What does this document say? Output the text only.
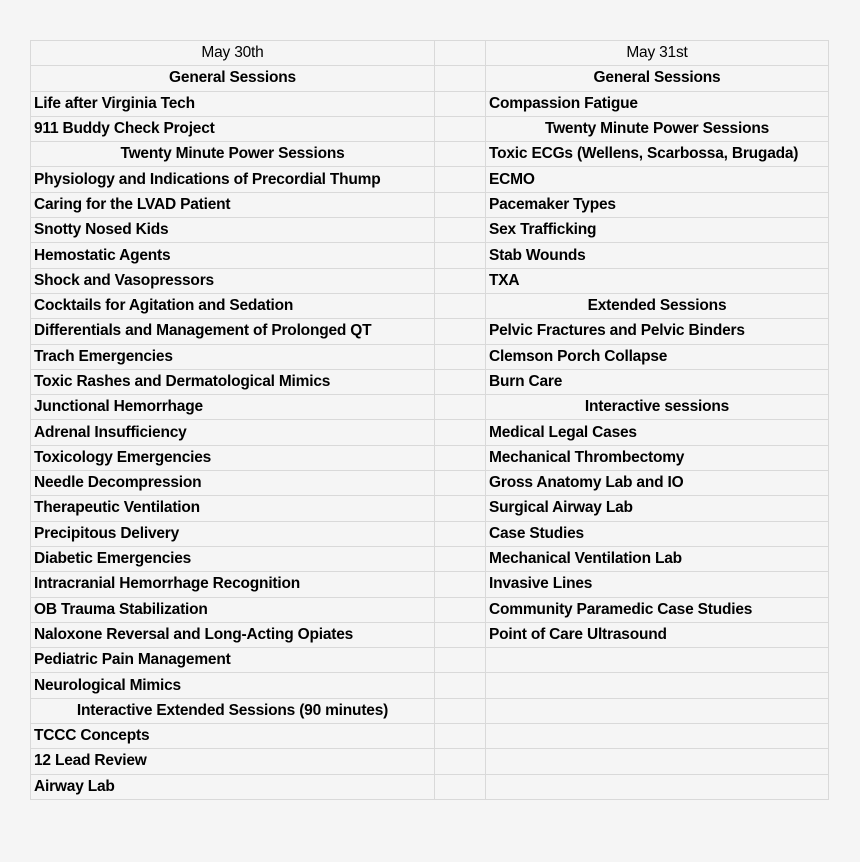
May 30th		May 31st
General Sessions		General Sessions
Life after Virginia Tech		Compassion Fatigue
911 Buddy Check Project		Twenty Minute Power Sessions
Twenty Minute Power Sessions		Toxic ECGs (Wellens, Scarbossa, Brugada)
Physiology and Indications of Precordial Thump		ECMO
Caring for the LVAD Patient		Pacemaker Types
Snotty Nosed Kids		Sex Trafficking
Hemostatic Agents		Stab Wounds
Shock and Vasopressors		TXA
Cocktails for Agitation and Sedation		Extended Sessions
Differentials and Management of Prolonged QT		Pelvic Fractures and Pelvic Binders
Trach Emergencies		Clemson Porch Collapse
Toxic Rashes and Dermatological Mimics		Burn Care
Junctional Hemorrhage		Interactive sessions
Adrenal Insufficiency		Medical Legal Cases
Toxicology Emergencies		Mechanical Thrombectomy
Needle Decompression		Gross Anatomy Lab and IO
Therapeutic Ventilation		Surgical Airway Lab
Precipitous Delivery		Case Studies
Diabetic Emergencies		Mechanical Ventilation Lab
Intracranial Hemorrhage Recognition		Invasive Lines
OB Trauma Stabilization		Community Paramedic Case Studies
Naloxone Reversal and Long-Acting Opiates		Point of Care Ultrasound
Pediatric Pain Management		
Neurological Mimics		
Interactive Extended Sessions (90 minutes)		
TCCC Concepts		
12 Lead Review		
Airway Lab		
